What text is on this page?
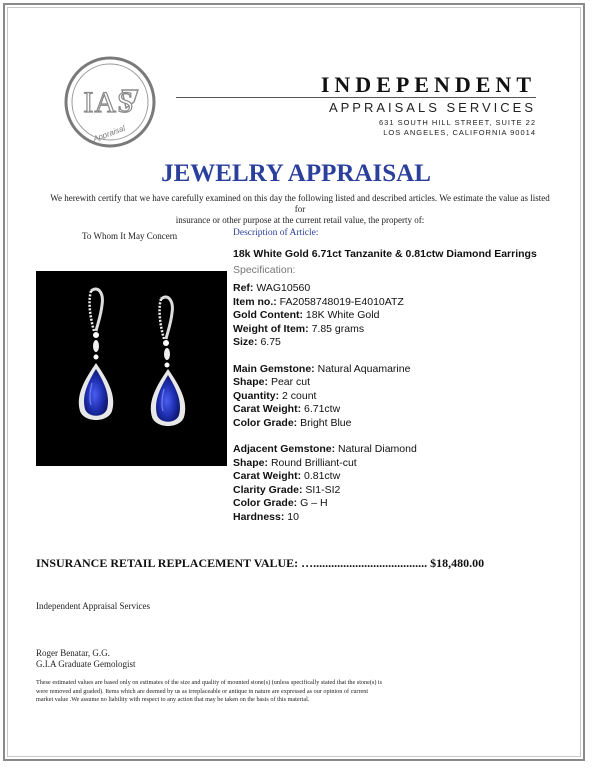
IAS
Appraisal
INDEPENDENT
APPRAISALS SERVICES
631 SOUTH HILL STREET, SUITE 22
LOS ANGELES, CALIFORNIA 90014
JEWELRY APPRAISAL
We herewith certify that we have carefully examined on this day the following listed and described articles. We estimate the value as listed for
insurance or other purpose at the current retail value, the property of:
To Whom It May Concern	Description of Article:
18k White Gold 6.71ct Tanzanite & 0.81ctw Diamond Earrings
Specification:
Ref: WAG10560
Item no.: FA2058748019-E4010ATZ
Gold Content: 18K White Gold
Weight of Item: 7.85 grams
Size: 6.75
Main Gemstone: Natural Aquamarine
Shape: Pear cut
Quantity: 2 count
Carat Weight: 6.71ctw
Color Grade: Bright Blue
Adjacent Gemstone: Natural Diamond
Shape: Round Brilliant-cut
Carat Weight: 0.81ctw
Clarity Grade: SI1-SI2
Color Grade: G – H
Hardness: 10
INSURANCE RETAIL REPLACEMENT VALUE: …...................................... $18,480.00
Independent Appraisal Services
Roger Benatar, G.G.
G.I.A Graduate Gemologist
These estimated values are based only on estimates of the size and quality of mounted stone(s) (unless specifically stated that the stone(s) is
were removed and graded). Items which are deemed by us as irreplaceable or antique in nature are expressed as our opinion of current
market value .We assume no liability with respect to any action that may be taken on the basis of this material.
